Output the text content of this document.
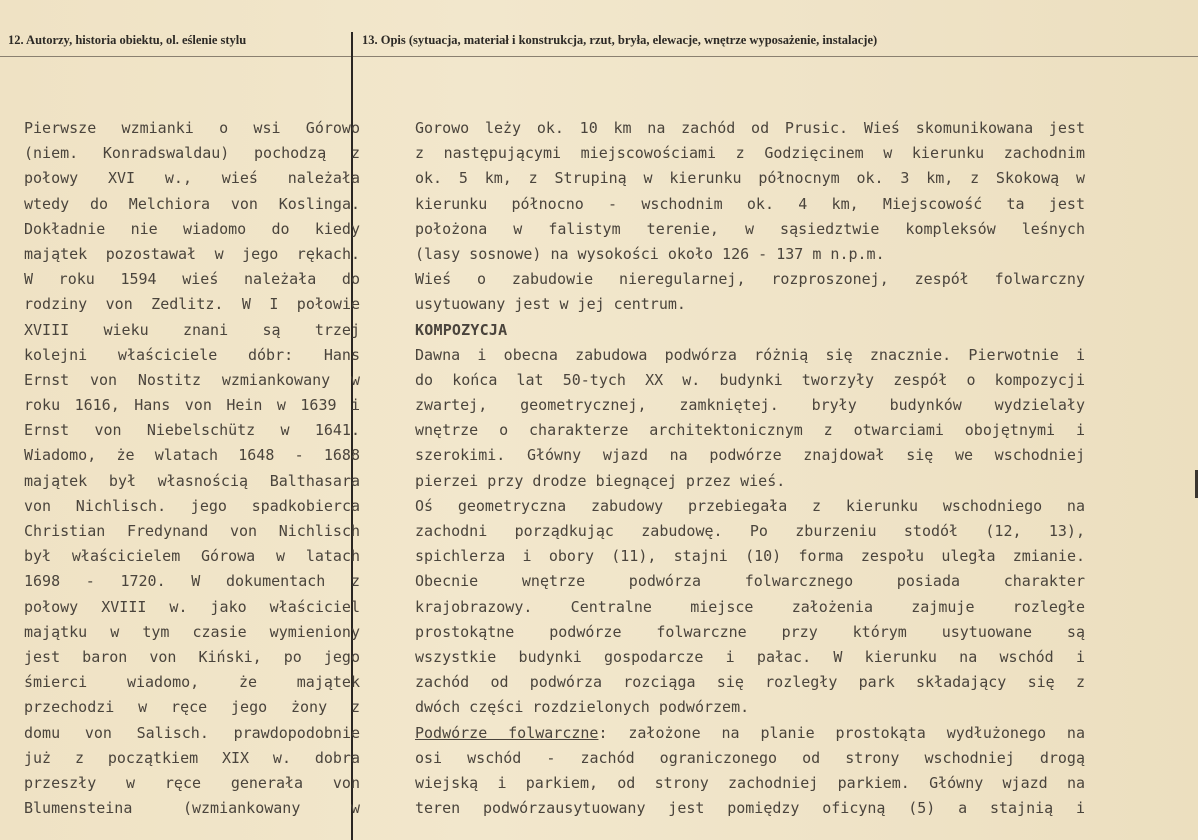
12. Autorzy, historia obiektu, ol. eślenie stylu	13. Opis (sytuacja, materiał i konstrukcja, rzut, bryła, elewacje, wnętrze wyposażenie, instalacje)
Pierwsze wzmianki o wsi Górowo
(niem. Konradswaldau) pochodzą z
połowy XVI w., wieś należała
wtedy do Melchiora von Koslinga.
Dokładnie nie wiadomo do kiedy
majątek pozostawał w jego rękach.
W roku 1594 wieś należała do
rodziny von Zedlitz. W I połowie
XVIII wieku znani są trzej
kolejni właściciele dóbr: Hans
Ernst von Nostitz wzmiankowany w
roku 1616, Hans von Hein w 1639 i
Ernst von Niebelschütz w 1641.
Wiadomo, że wlatach 1648 - 1688
majątek był własnością Balthasara
von Nichlisch. jego spadkobierca
Christian Fredynand von Nichlisch
był właścicielem Górowa w latach
1698 - 1720. W dokumentach z
połowy XVIII w. jako właściciel
majątku w tym czasie wymieniony
jest baron von Kiński, po jego
śmierci wiadomo, że majątek
przechodzi w ręce jego żony z
domu von Salisch. prawdopodobnie
już z początkiem XIX w. dobra
przeszły w ręce generała von
Blumensteina (wzmiankowany w
Gorowo leży ok. 10 km na zachód od Prusic. Wieś skomunikowana jest
z następującymi miejscowościami z Godzięcinem w kierunku zachodnim
ok. 5 km, z Strupiną w kierunku północnym ok. 3 km, z Skokową w
kierunku północno - wschodnim ok. 4 km, Miejscowość ta jest
położona w falistym terenie, w sąsiedztwie kompleksów leśnych
(lasy sosnowe) na wysokości około 126 - 137 m n.p.m.
Wieś o zabudowie nieregularnej, rozproszonej, zespół folwarczny
usytuowany jest w jej centrum.
KOMPOZYCJA
Dawna i obecna zabudowa podwórza różnią się znacznie. Pierwotnie i
do końca lat 50-tych XX w. budynki tworzyły zespół o kompozycji
zwartej, geometrycznej, zamkniętej. bryły budynków wydzielały
wnętrze o charakterze architektonicznym z otwarciami obojętnymi i
szerokimi. Główny wjazd na podwórze znajdował się we wschodniej
pierzei przy drodze biegnącej przez wieś.
Oś geometryczna zabudowy przebiegała z kierunku wschodniego na
zachodni porządkując zabudowę. Po zburzeniu stodół (12, 13),
spichlerza i obory (11), stajni (10) forma zespołu uległa zmianie.
Obecnie wnętrze podwórza folwarcznego posiada charakter
krajobrazowy. Centralne miejsce założenia zajmuje rozległe
prostokątne podwórze folwarczne przy którym usytuowane są
wszystkie budynki gospodarcze i pałac. W kierunku na wschód i
zachód od podwórza rozciąga się rozległy park składający się z
dwóch części rozdzielonych podwórzem.
Podwórze folwarczne: założone na planie prostokąta wydłużonego na
osi wschód - zachód ograniczonego od strony wschodniej drogą
wiejską i parkiem, od strony zachodniej parkiem. Główny wjazd na
teren podwórzausytuowany jest pomiędzy oficyną (5) a stajnią i
